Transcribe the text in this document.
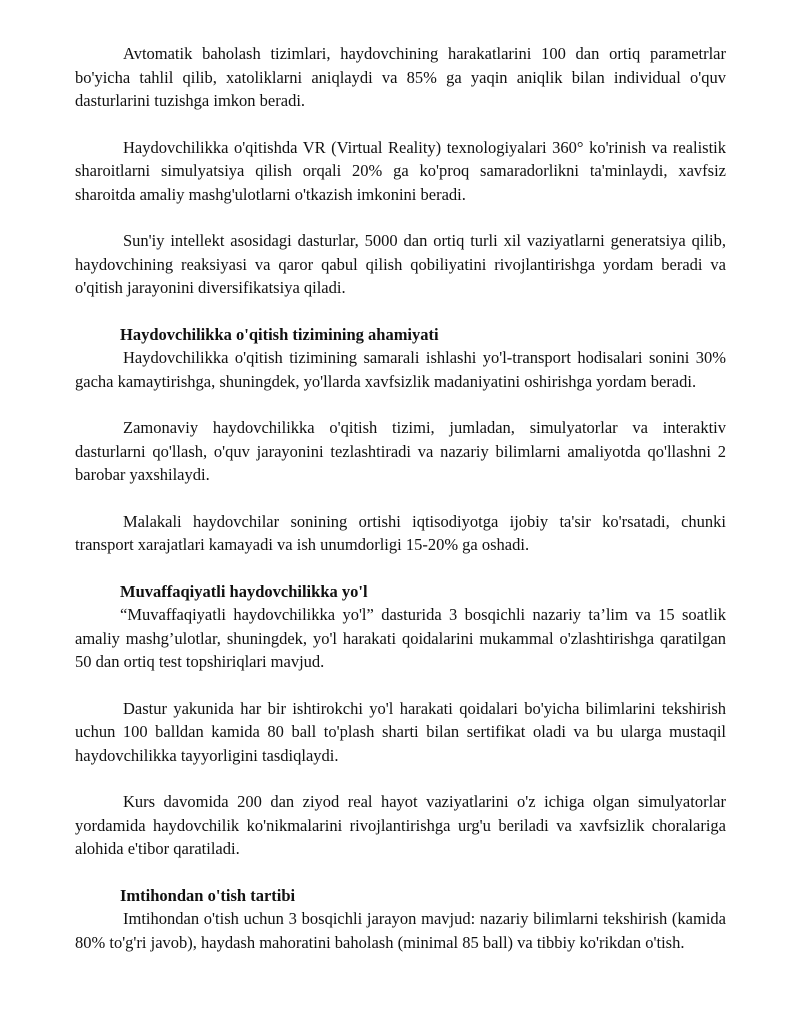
Avtomatik baholash tizimlari, haydovchining harakatlarini 100 dan ortiq parametrlar bo'yicha tahlil qilib, xatoliklarni aniqlaydi va 85% ga yaqin aniqlik bilan individual o'quv dasturlarini tuzishga imkon beradi.

Haydovchilikka o'qitishda VR (Virtual Reality) texnologiyalari 360° ko'rinish va realistik sharoitlarni simulyatsiya qilish orqali 20% ga ko'proq samaradorlikni ta'minlaydi, xavfsiz sharoitda amaliy mashg'ulotlarni o'tkazish imkonini beradi.

Sun'iy intellekt asosidagi dasturlar, 5000 dan ortiq turli xil vaziyatlarni generatsiya qilib, haydovchining reaksiyasi va qaror qabul qilish qobiliyatini rivojlantirishga yordam beradi va o'qitish jarayonini diversifikatsiya qiladi.

Haydovchilikka o'qitish tizimining ahamiyati

Haydovchilikka o'qitish tizimining samarali ishlashi yo'l-transport hodisalari sonini 30% gacha kamaytirishga, shuningdek, yo'llarda xavfsizlik madaniyatini oshirishga yordam beradi.

Zamonaviy haydovchilikka o'qitish tizimi, jumladan, simulyatorlar va interaktiv dasturlarni qo'llash, o'quv jarayonini tezlashtiradi va nazariy bilimlarni amaliyotda qo'llashni 2 barobar yaxshilaydi.

Malakali haydovchilar sonining ortishi iqtisodiyotga ijobiy ta'sir ko'rsatadi, chunki transport xarajatlari kamayadi va ish unumdorligi 15-20% ga oshadi.

Muvaffaqiyatli haydovchilikka yo'l

“Muvaffaqiyatli haydovchilikka yo'l” dasturida 3 bosqichli nazariy ta’lim va 15 soatlik amaliy mashg’ulotlar, shuningdek, yo'l harakati qoidalarini mukammal o'zlashtirishga qaratilgan 50 dan ortiq test topshiriqlari mavjud.

Dastur yakunida har bir ishtirokchi yo'l harakati qoidalari bo'yicha bilimlarini tekshirish uchun 100 balldan kamida 80 ball to'plash sharti bilan sertifikat oladi va bu ularga mustaqil haydovchilikka tayyorligini tasdiqlaydi.

Kurs davomida 200 dan ziyod real hayot vaziyatlarini o'z ichiga olgan simulyatorlar yordamida haydovchilik ko'nikmalarini rivojlantirishga urg'u beriladi va xavfsizlik choralariga alohida e'tibor qaratiladi.

Imtihondan o'tish tartibi

Imtihondan o'tish uchun 3 bosqichli jarayon mavjud: nazariy bilimlarni tekshirish (kamida 80% to'g'ri javob), haydash mahoratini baholash (minimal 85 ball) va tibbiy ko'rikdan o'tish.
